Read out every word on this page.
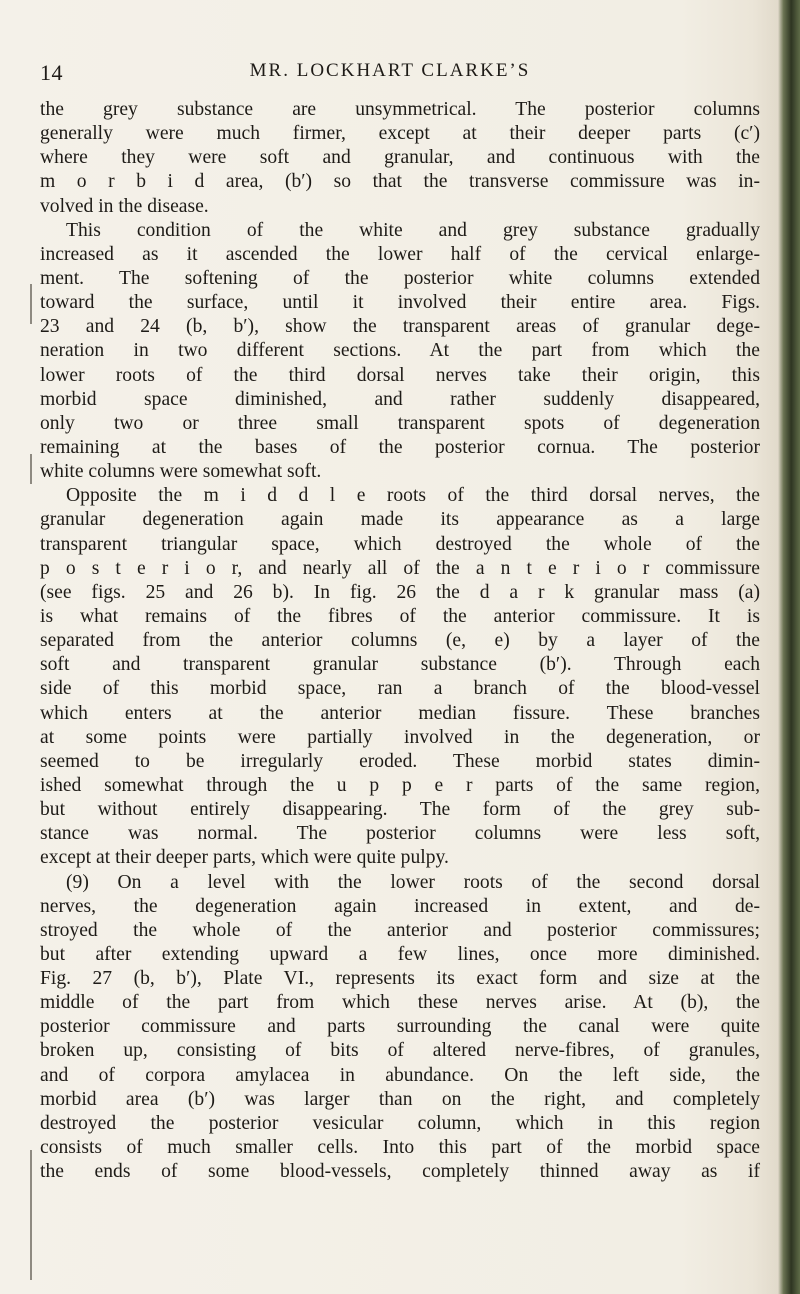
14	MR. LOCKHART CLARKE’S
the grey substance are unsymmetrical. The posterior columns
generally were much firmer, except at their deeper parts (c′)
where they were soft and granular, and continuous with the
m o r b i d area, (b′) so that the transverse commissure was in-
volved in the disease.
This condition of the white and grey substance gradually
increased as it ascended the lower half of the cervical enlarge-
ment. The softening of the posterior white columns extended
toward the surface, until it involved their entire area. Figs.
23 and 24 (b, b′), show the transparent areas of granular dege-
neration in two different sections. At the part from which the
lower roots of the third dorsal nerves take their origin, this
morbid space diminished, and rather suddenly disappeared,
only two or three small transparent spots of degeneration
remaining at the bases of the posterior cornua. The posterior
white columns were somewhat soft.
Opposite the m i d d l e roots of the third dorsal nerves, the
granular degeneration again made its appearance as a large
transparent triangular space, which destroyed the whole of the
p o s t e r i o r, and nearly all of the a n t e r i o r commissure
(see figs. 25 and 26 b). In fig. 26 the d a r k granular mass (a)
is what remains of the fibres of the anterior commissure. It is
separated from the anterior columns (e, e) by a layer of the
soft and transparent granular substance (b′). Through each
side of this morbid space, ran a branch of the blood-vessel
which enters at the anterior median fissure. These branches
at some points were partially involved in the degeneration, or
seemed to be irregularly eroded. These morbid states dimin-
ished somewhat through the u p p e r parts of the same region,
but without entirely disappearing. The form of the grey sub-
stance was normal. The posterior columns were less soft,
except at their deeper parts, which were quite pulpy.
(9) On a level with the lower roots of the second dorsal
nerves, the degeneration again increased in extent, and de-
stroyed the whole of the anterior and posterior commissures;
but after extending upward a few lines, once more diminished.
Fig. 27 (b, b′), Plate VI., represents its exact form and size at the
middle of the part from which these nerves arise. At (b), the
posterior commissure and parts surrounding the canal were quite
broken up, consisting of bits of altered nerve-fibres, of granules,
and of corpora amylacea in abundance. On the left side, the
morbid area (b′) was larger than on the right, and completely
destroyed the posterior vesicular column, which in this region
consists of much smaller cells. Into this part of the morbid space
the ends of some blood-vessels, completely thinned away as if
